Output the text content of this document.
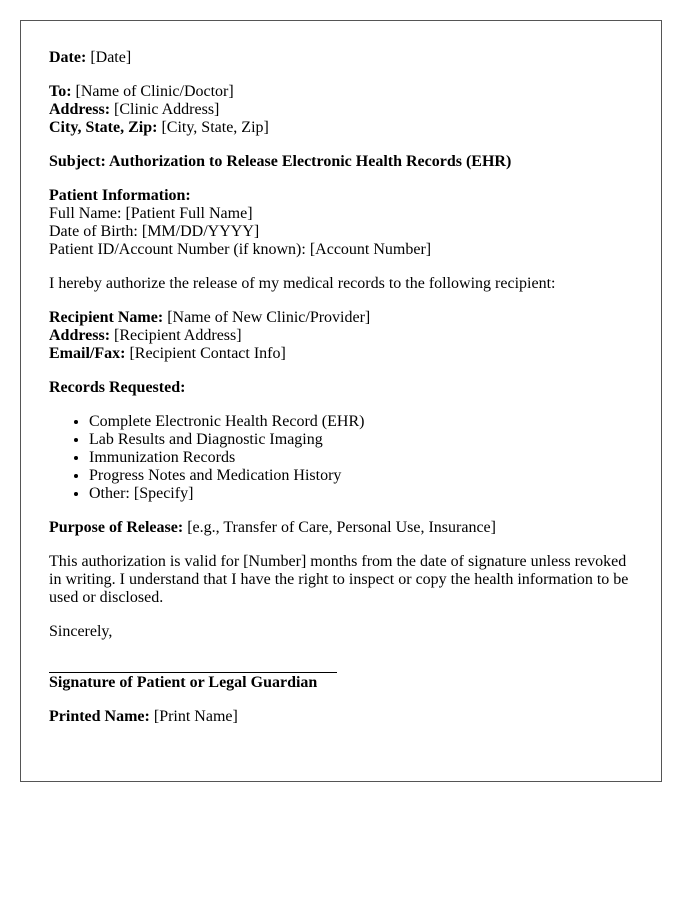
Date: [Date]

To: [Name of Clinic/Doctor]
Address: [Clinic Address]
City, State, Zip: [City, State, Zip]

Subject: Authorization to Release Electronic Health Records (EHR)

Patient Information:
Full Name: [Patient Full Name]
Date of Birth: [MM/DD/YYYY]
Patient ID/Account Number (if known): [Account Number]

I hereby authorize the release of my medical records to the following recipient:

Recipient Name: [Name of New Clinic/Provider]
Address: [Recipient Address]
Email/Fax: [Recipient Contact Info]

Records Requested:

• Complete Electronic Health Record (EHR)
• Lab Results and Diagnostic Imaging
• Immunization Records
• Progress Notes and Medication History
• Other: [Specify]

Purpose of Release: [e.g., Transfer of Care, Personal Use, Insurance]

This authorization is valid for [Number] months from the date of signature unless revoked in writing. I understand that I have the right to inspect or copy the health information to be used or disclosed.

Sincerely,

Signature of Patient or Legal Guardian

Printed Name: [Print Name]
